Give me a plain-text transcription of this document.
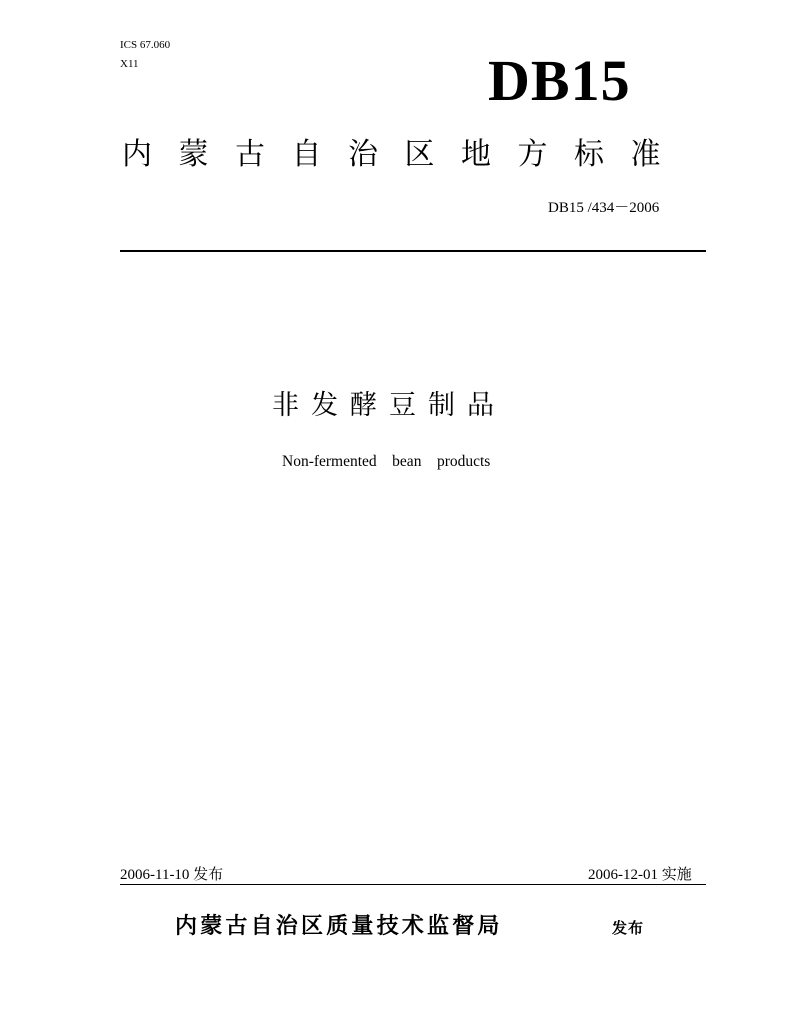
ICS 67.060
X11	DB15
内蒙古自治区地方标准
DB15 /434－2006
非发酵豆制品
Non-fermented    bean    products
2006-11-10 发布	2006-12-01 实施
内蒙古自治区质量技术监督局	发布
